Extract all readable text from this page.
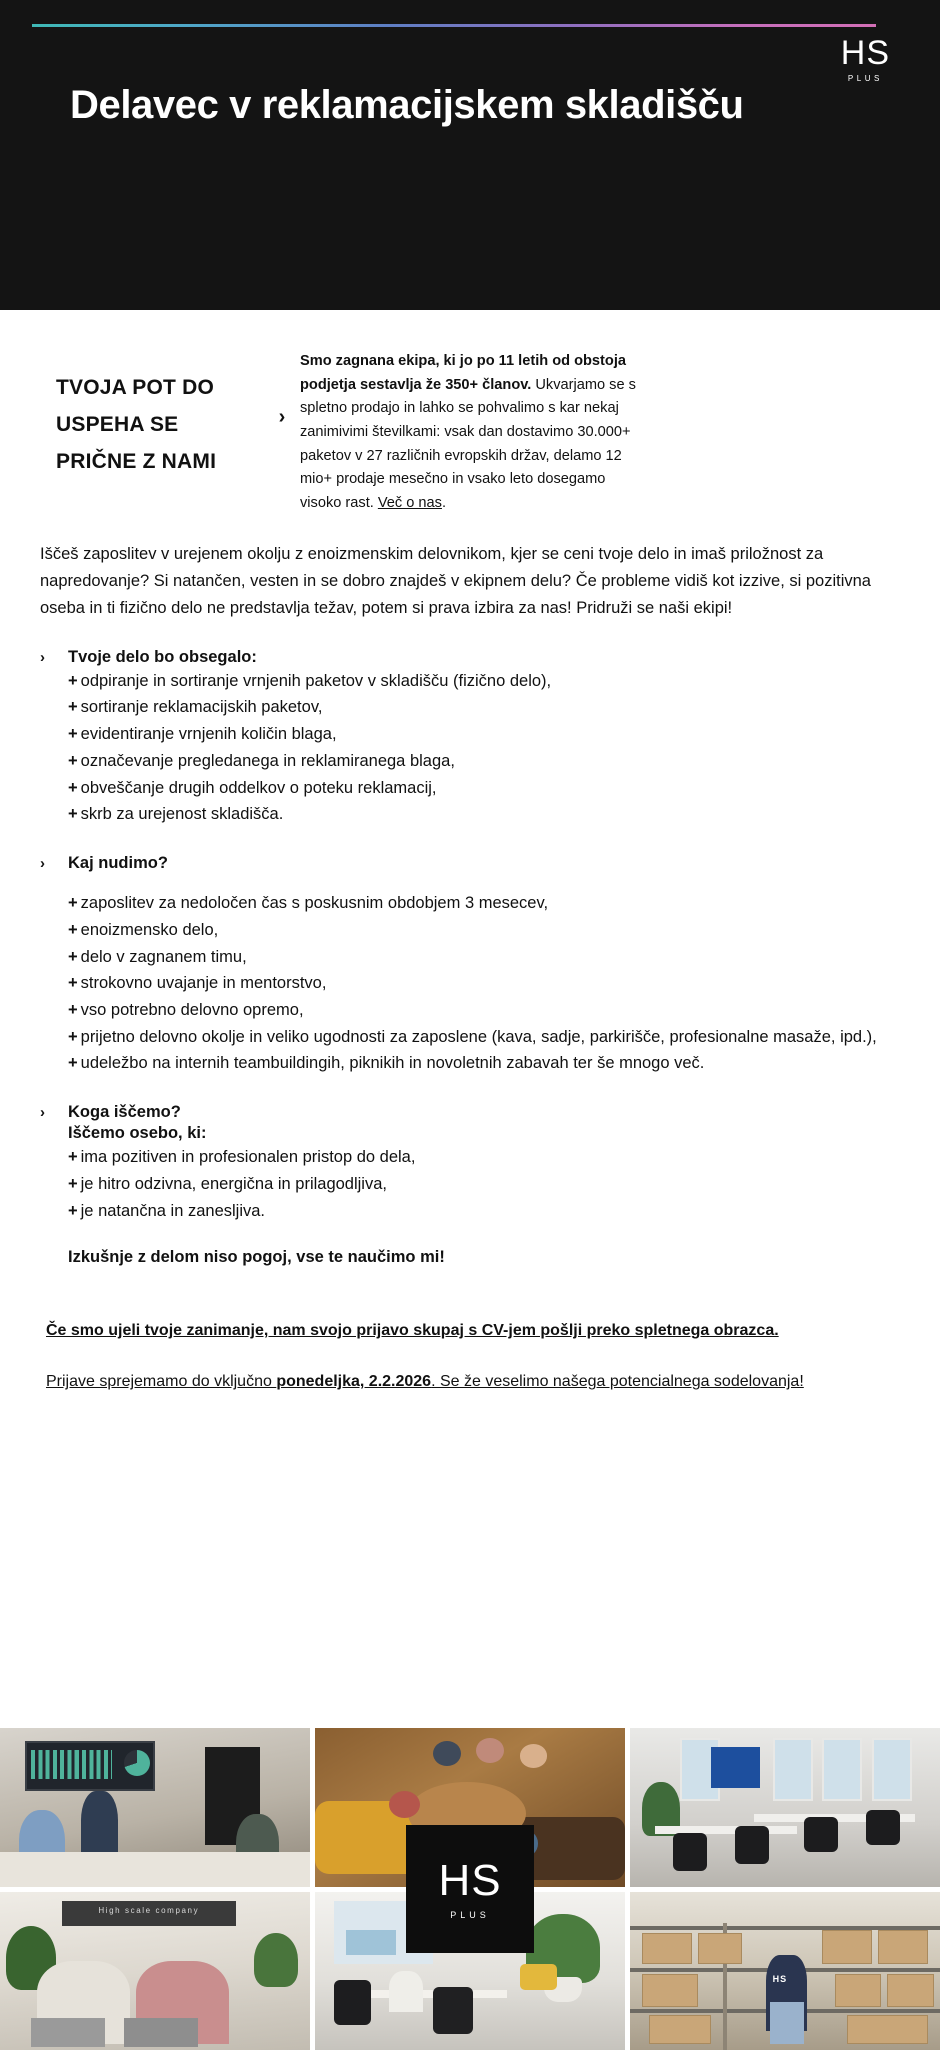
HS
PLUS
Delavec v reklamacijskem skladišču
TVOJA POT DO USPEHA SE PRIČNE Z NAMI
›
Smo zagnana ekipa, ki jo po 11 letih od obstoja podjetja sestavlja že 350+ članov. Ukvarjamo se s spletno prodajo in lahko se pohvalimo s kar nekaj zanimivimi številkami: vsak dan dostavimo 30.000+ paketov v 27 različnih evropskih držav, delamo 12 mio+ prodaje mesečno in vsako leto dosegamo visoko rast. Več o nas.

Iščeš zaposlitev v urejenem okolju z enoizmenskim delovnikom, kjer se ceni tvoje delo in imaš priložnost za napredovanje? Si natančen, vesten in se dobro znajdeš v ekipnem delu? Če probleme vidiš kot izzive, si pozitivna oseba in ti fizično delo ne predstavlja težav, potem si prava izbira za nas! Pridruži se naši ekipi!

›	Tvoje delo bo obsegalo:
+ odpiranje in sortiranje vrnjenih paketov v skladišču (fizično delo),
+ sortiranje reklamacijskih paketov,
+ evidentiranje vrnjenih količin blaga,
+ označevanje pregledanega in reklamiranega blaga,
+ obveščanje drugih oddelkov o poteku reklamacij,
+ skrb za urejenost skladišča.
›	Kaj nudimo?
+ zaposlitev za nedoločen čas s poskusnim obdobjem 3 mesecev,
+ enoizmensko delo,
+ delo v zagnanem timu,
+ strokovno uvajanje in mentorstvo,
+ vso potrebno delovno opremo,
+ prijetno delovno okolje in veliko ugodnosti za zaposlene (kava, sadje, parkirišče, profesionalne masaže, ipd.),
+ udeležbo na internih teambuildingih, piknikih in novoletnih zabavah ter še mnogo več.
›	Koga iščemo?
Iščemo osebo, ki:
+ ima pozitiven in profesionalen pristop do dela,
+ je hitro odzivna, energična in prilagodljiva,
+ je natančna in zanesljiva.

Izkušnje z delom niso pogoj, vse te naučimo mi!

Če smo ujeli tvoje zanimanje, nam svojo prijavo skupaj s CV-jem pošlji preko spletnega obrazca.

Prijave sprejemamo do vključno ponedeljka, 2.2.2026. Se že veselimo našega potencialnega sodelovanja!

High scale company
HS
HS
PLUS
